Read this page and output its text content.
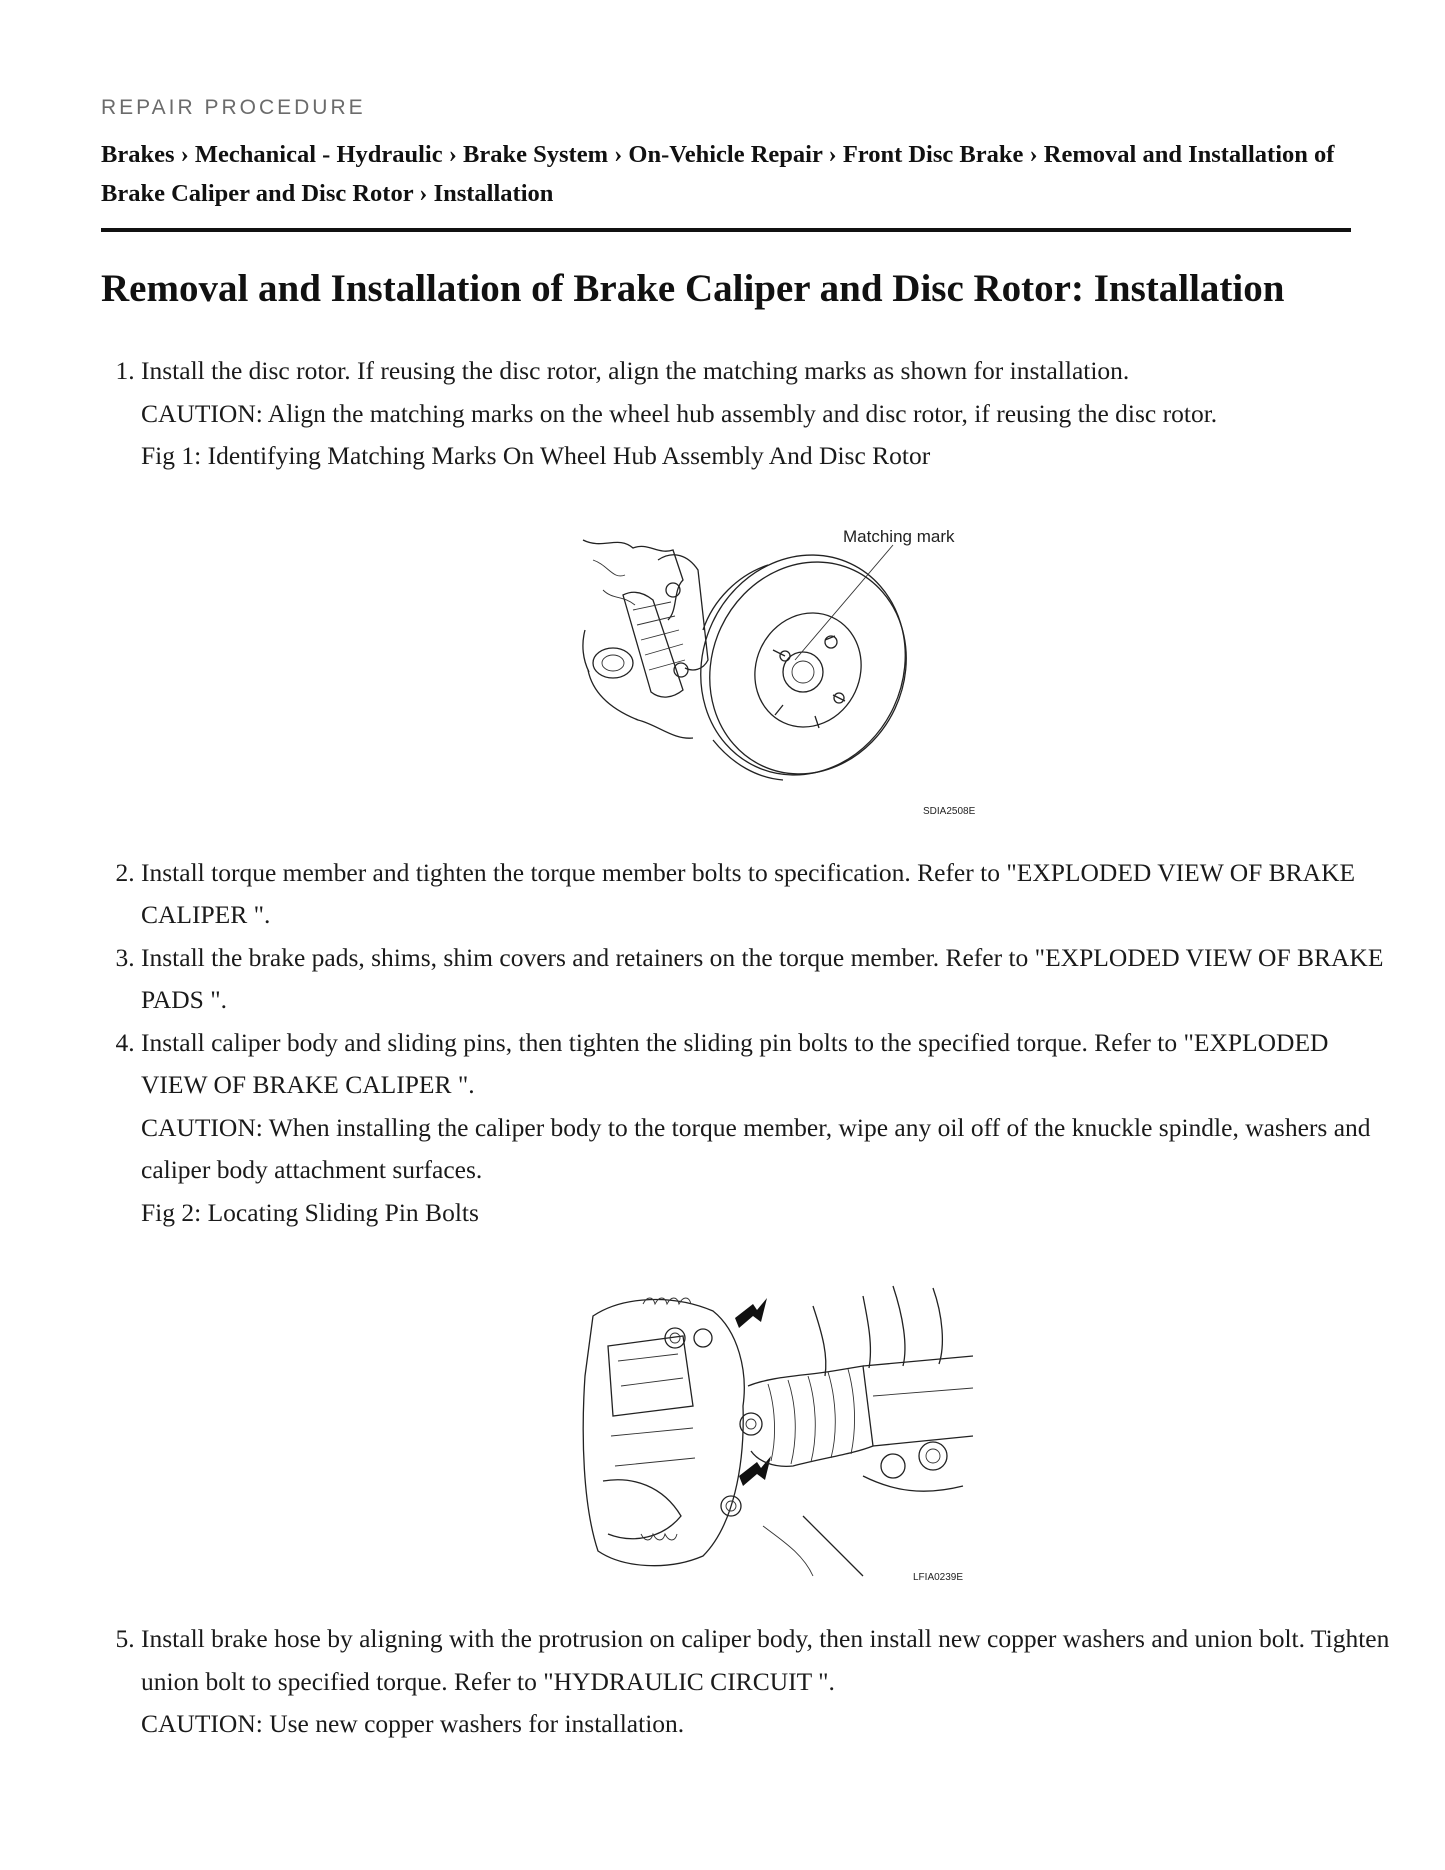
REPAIR PROCEDURE
Brakes › Mechanical - Hydraulic › Brake System › On-Vehicle Repair › Front Disc Brake › Removal and Installation of Brake Caliper and Disc Rotor › Installation
Removal and Installation of Brake Caliper and Disc Rotor: Installation
1. Install the disc rotor. If reusing the disc rotor, align the matching marks as shown for installation.
CAUTION: Align the matching marks on the wheel hub assembly and disc rotor, if reusing the disc rotor.
Fig 1: Identifying Matching Marks On Wheel Hub Assembly And Disc Rotor
Matching mark
SDIA2508E
2. Install torque member and tighten the torque member bolts to specification. Refer to "EXPLODED VIEW OF BRAKE CALIPER ".
3. Install the brake pads, shims, shim covers and retainers on the torque member. Refer to "EXPLODED VIEW OF BRAKE PADS ".
4. Install caliper body and sliding pins, then tighten the sliding pin bolts to the specified torque. Refer to "EXPLODED VIEW OF BRAKE CALIPER ".
CAUTION: When installing the caliper body to the torque member, wipe any oil off of the knuckle spindle, washers and caliper body attachment surfaces.
Fig 2: Locating Sliding Pin Bolts
LFIA0239E
5. Install brake hose by aligning with the protrusion on caliper body, then install new copper washers and union bolt. Tighten union bolt to specified torque. Refer to "HYDRAULIC CIRCUIT ".
CAUTION: Use new copper washers for installation.
